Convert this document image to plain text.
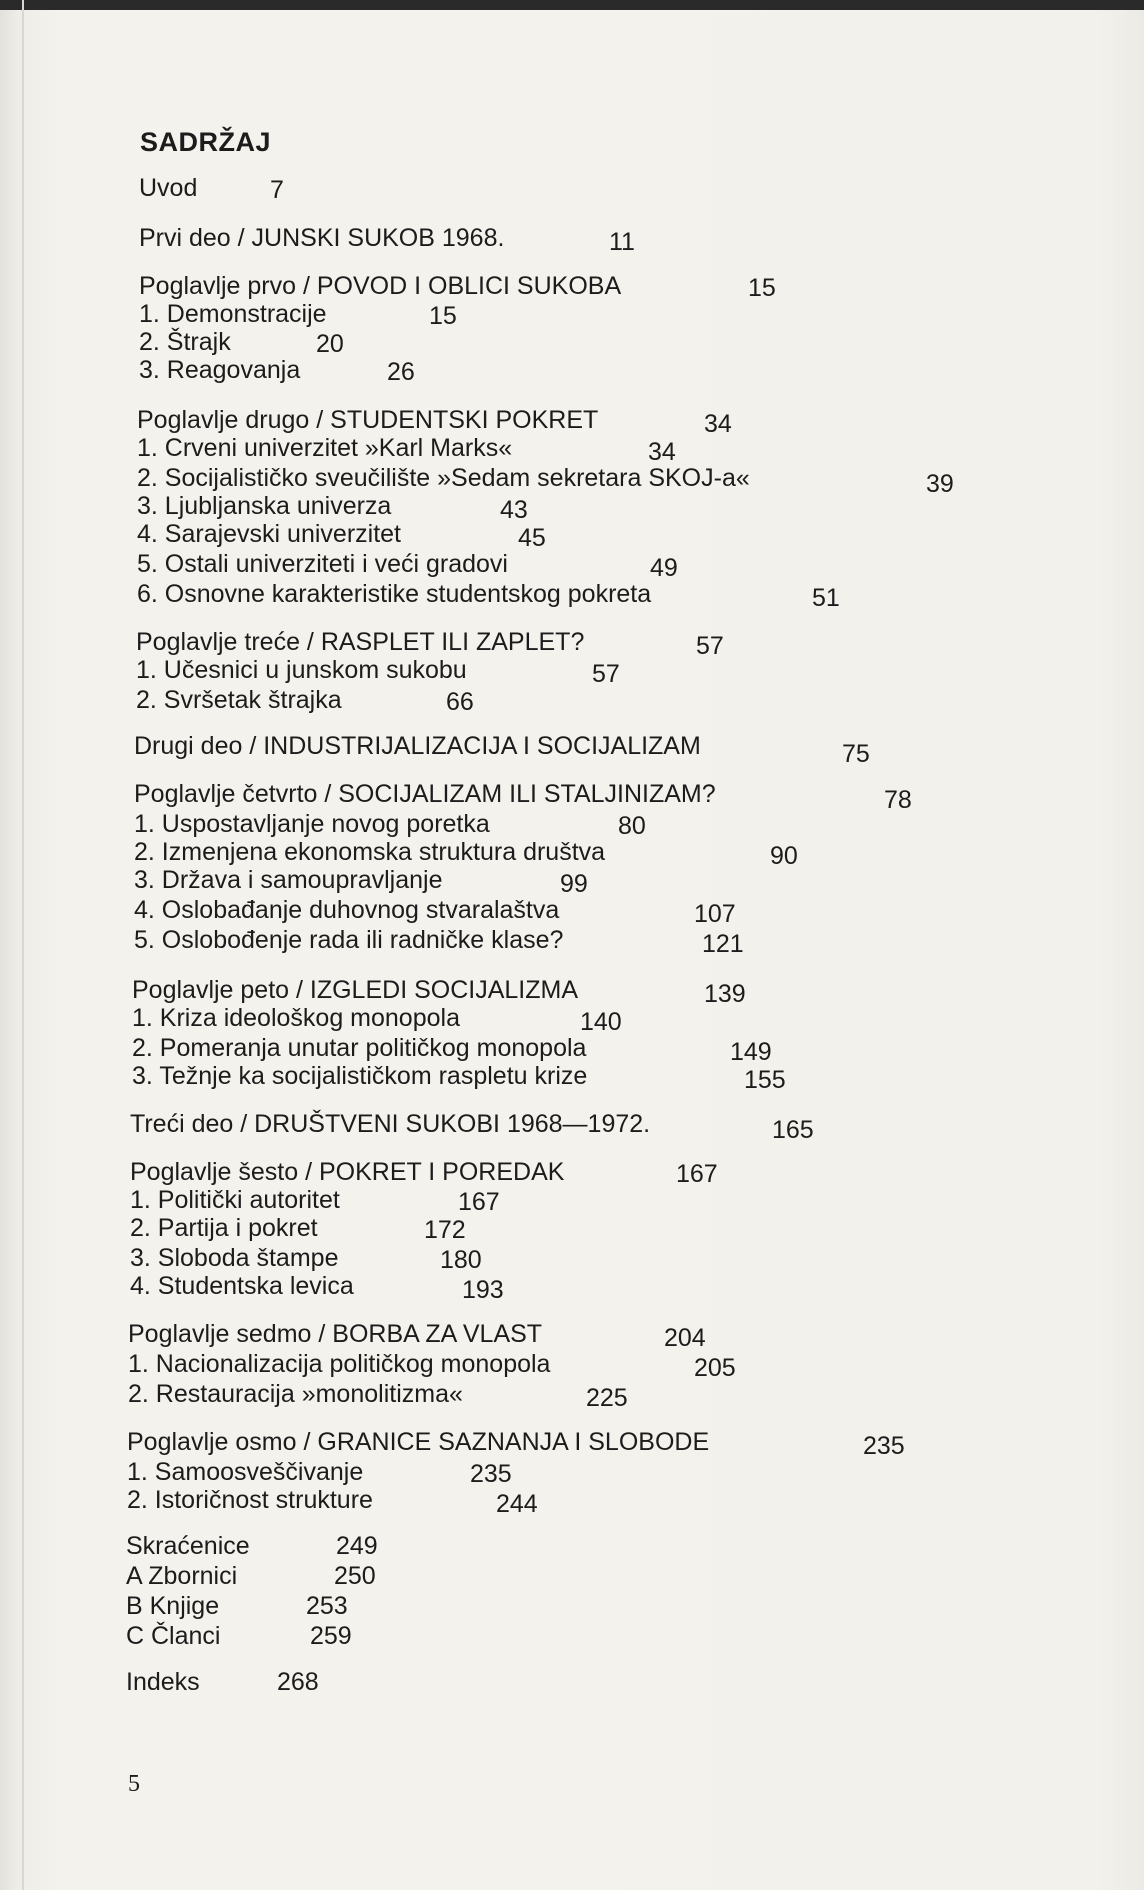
SADRŽAJ
Uvod	7
Prvi deo / JUNSKI SUKOB 1968.	11
Poglavlje prvo / POVOD I OBLICI SUKOBA	15
1. Demonstracije	15
2. Štrajk	20
3. Reagovanja	26
Poglavlje drugo / STUDENTSKI POKRET	34
1. Crveni univerzitet »Karl Marks«	34
2. Socijalističko sveučilište »Sedam sekretara SKOJ-a«	39
3. Ljubljanska univerza	43
4. Sarajevski univerzitet	45
5. Ostali univerziteti i veći gradovi	49
6. Osnovne karakteristike studentskog pokreta	51
Poglavlje treće / RASPLET ILI ZAPLET?	57
1. Učesnici u junskom sukobu	57
2. Svršetak štrajka	66
Drugi deo / INDUSTRIJALIZACIJA I SOCIJALIZAM	75
Poglavlje četvrto / SOCIJALIZAM ILI STALJINIZAM?	78
1. Uspostavljanje novog poretka	80
2. Izmenjena ekonomska struktura društva	90
3. Država i samoupravljanje	99
4. Oslobađanje duhovnog stvaralaštva	107
5. Oslobođenje rada ili radničke klase?	121
Poglavlje peto / IZGLEDI SOCIJALIZMA	139
1. Kriza ideološkog monopola	140
2. Pomeranja unutar političkog monopola	149
3. Težnje ka socijalističkom raspletu krize	155
Treći deo / DRUŠTVENI SUKOBI 1968—1972.	165
Poglavlje šesto / POKRET I POREDAK	167
1. Politički autoritet	167
2. Partija i pokret	172
3. Sloboda štampe	180
4. Studentska levica	193
Poglavlje sedmo / BORBA ZA VLAST	204
1. Nacionalizacija političkog monopola	205
2. Restauracija »monolitizma«	225
Poglavlje osmo / GRANICE SAZNANJA I SLOBODE	235
1. Samoosveščivanje	235
2. Istoričnost strukture	244
Skraćenice	249
A Zbornici	250
B Knjige	253
C Članci	259
Indeks	268
5
